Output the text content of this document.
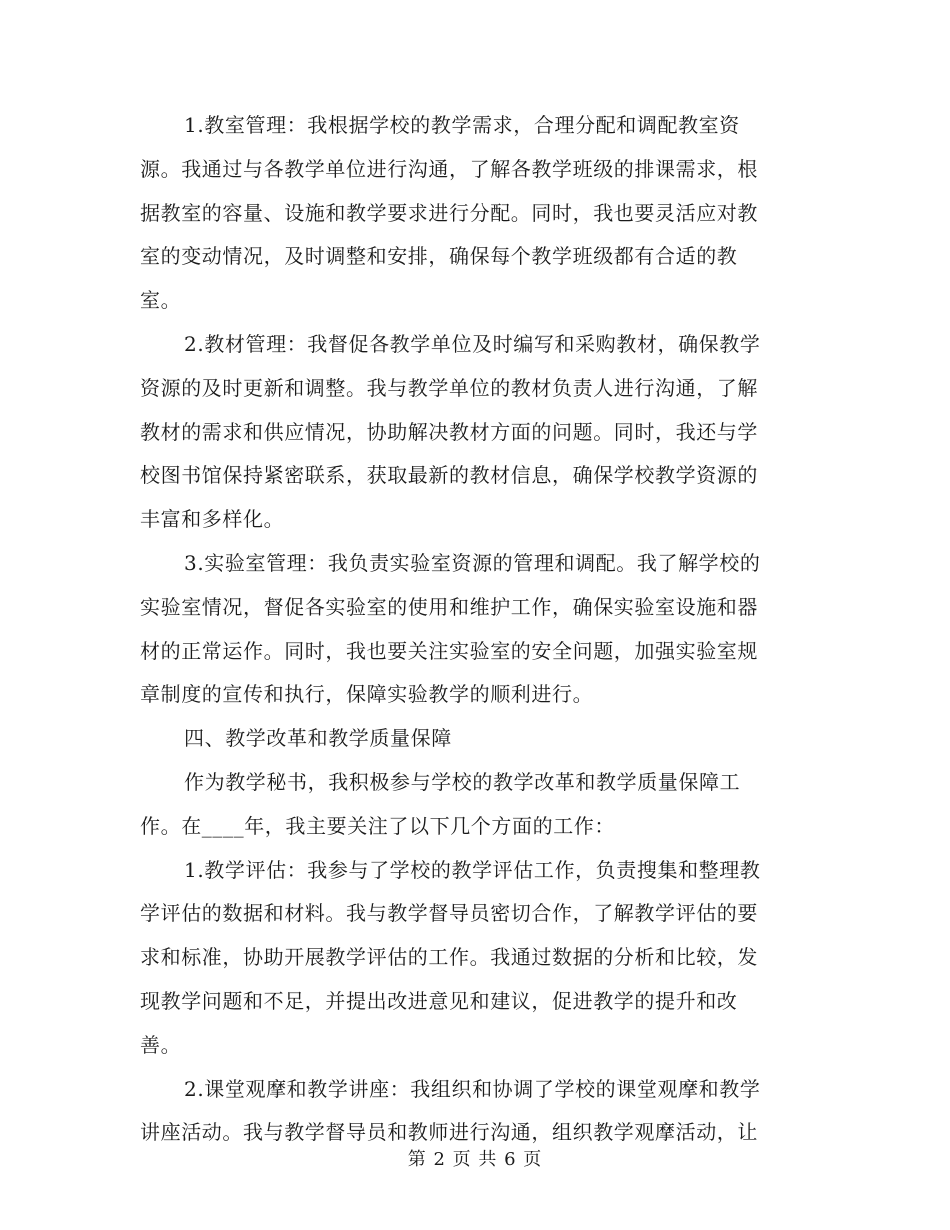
1.教室管理：我根据学校的教学需求，合理分配和调配教室资
源。我通过与各教学单位进行沟通，了解各教学班级的排课需求，根
据教室的容量、设施和教学要求进行分配。同时，我也要灵活应对教
室的变动情况，及时调整和安排，确保每个教学班级都有合适的教
室。
2.教材管理：我督促各教学单位及时编写和采购教材，确保教学
资源的及时更新和调整。我与教学单位的教材负责人进行沟通，了解
教材的需求和供应情况，协助解决教材方面的问题。同时，我还与学
校图书馆保持紧密联系，获取最新的教材信息，确保学校教学资源的
丰富和多样化。
3.实验室管理：我负责实验室资源的管理和调配。我了解学校的
实验室情况，督促各实验室的使用和维护工作，确保实验室设施和器
材的正常运作。同时，我也要关注实验室的安全问题，加强实验室规
章制度的宣传和执行，保障实验教学的顺利进行。
四、教学改革和教学质量保障
作为教学秘书，我积极参与学校的教学改革和教学质量保障工
作。在____年，我主要关注了以下几个方面的工作：
1.教学评估：我参与了学校的教学评估工作，负责搜集和整理教
学评估的数据和材料。我与教学督导员密切合作，了解教学评估的要
求和标准，协助开展教学评估的工作。我通过数据的分析和比较，发
现教学问题和不足，并提出改进意见和建议，促进教学的提升和改
善。
2.课堂观摩和教学讲座：我组织和协调了学校的课堂观摩和教学
讲座活动。我与教学督导员和教师进行沟通，组织教学观摩活动，让
第 2 页 共 6 页
